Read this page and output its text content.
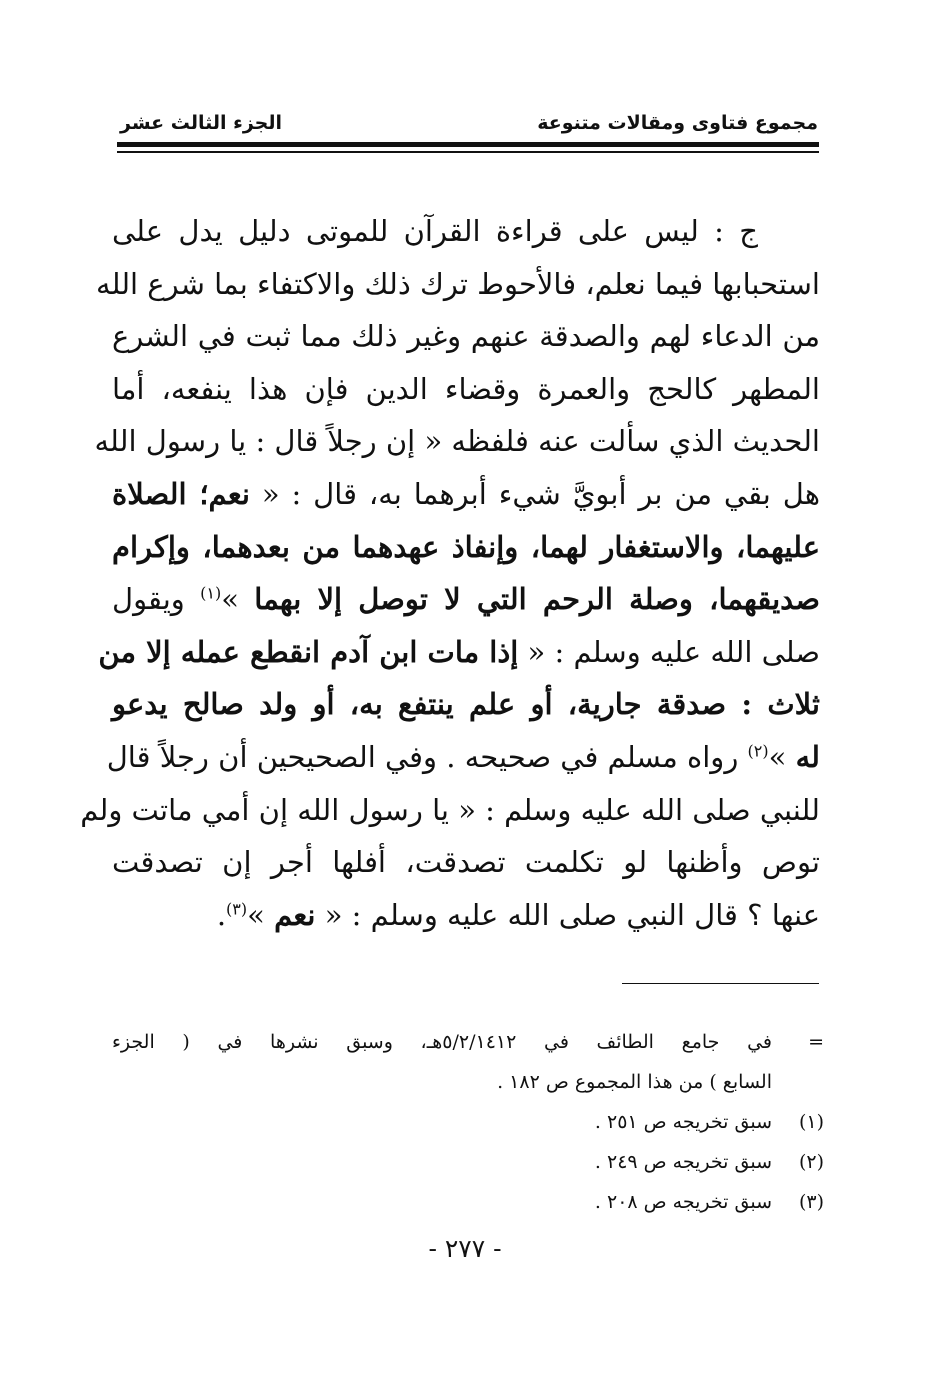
مجموع فتاوى ومقالات متنوعة
الجزء الثالث عشر
ج : ليس على قراءة القرآن للموتى دليل يدل على
استحبابها فيما نعلم، فالأحوط ترك ذلك والاكتفاء بما شرع الله
من الدعاء لهم والصدقة عنهم وغير ذلك مما ثبت في الشرع
المطهر كالحج والعمرة وقضاء الدين فإن هذا ينفعه، أما
الحديث الذي سألت عنه فلفظه « إن رجلاً قال : يا رسول الله
هل بقي من بر أبويَّ شيء أبرهما به، قال : « نعم؛ الصلاة
عليهما، والاستغفار لهما، وإنفاذ عهدهما من بعدهما، وإكرام
صديقهما، وصلة الرحم التي لا توصل إلا بهما »$^{(١)}$ ويقول
صلى الله عليه وسلم : « إذا مات ابن آدم انقطع عمله إلا من
ثلاث : صدقة جارية، أو علم ينتفع به، أو ولد صالح يدعو
له »$^{(٢)}$ رواه مسلم في صحيحه . وفي الصحيحين أن رجلاً قال
للنبي صلى الله عليه وسلم : « يا رسول الله إن أمي ماتت ولم
توص وأظنها لو تكلمت تصدقت، أفلها أجر إن تصدقت
عنها ؟ قال النبي صلى الله عليه وسلم : « نعم »$^{(٣)}$.
=
في جامع الطائف في ٥/٢/١٤١٢هـ، وسبق نشرها في ( الجزء
السابع ) من هذا المجموع ص ١٨٢ .
(١)
سبق تخريجه ص ٢٥١ .
(٢)
سبق تخريجه ص ٢٤٩ .
(٣)
سبق تخريجه ص ٢٠٨ .
- ٢٧٧ -
